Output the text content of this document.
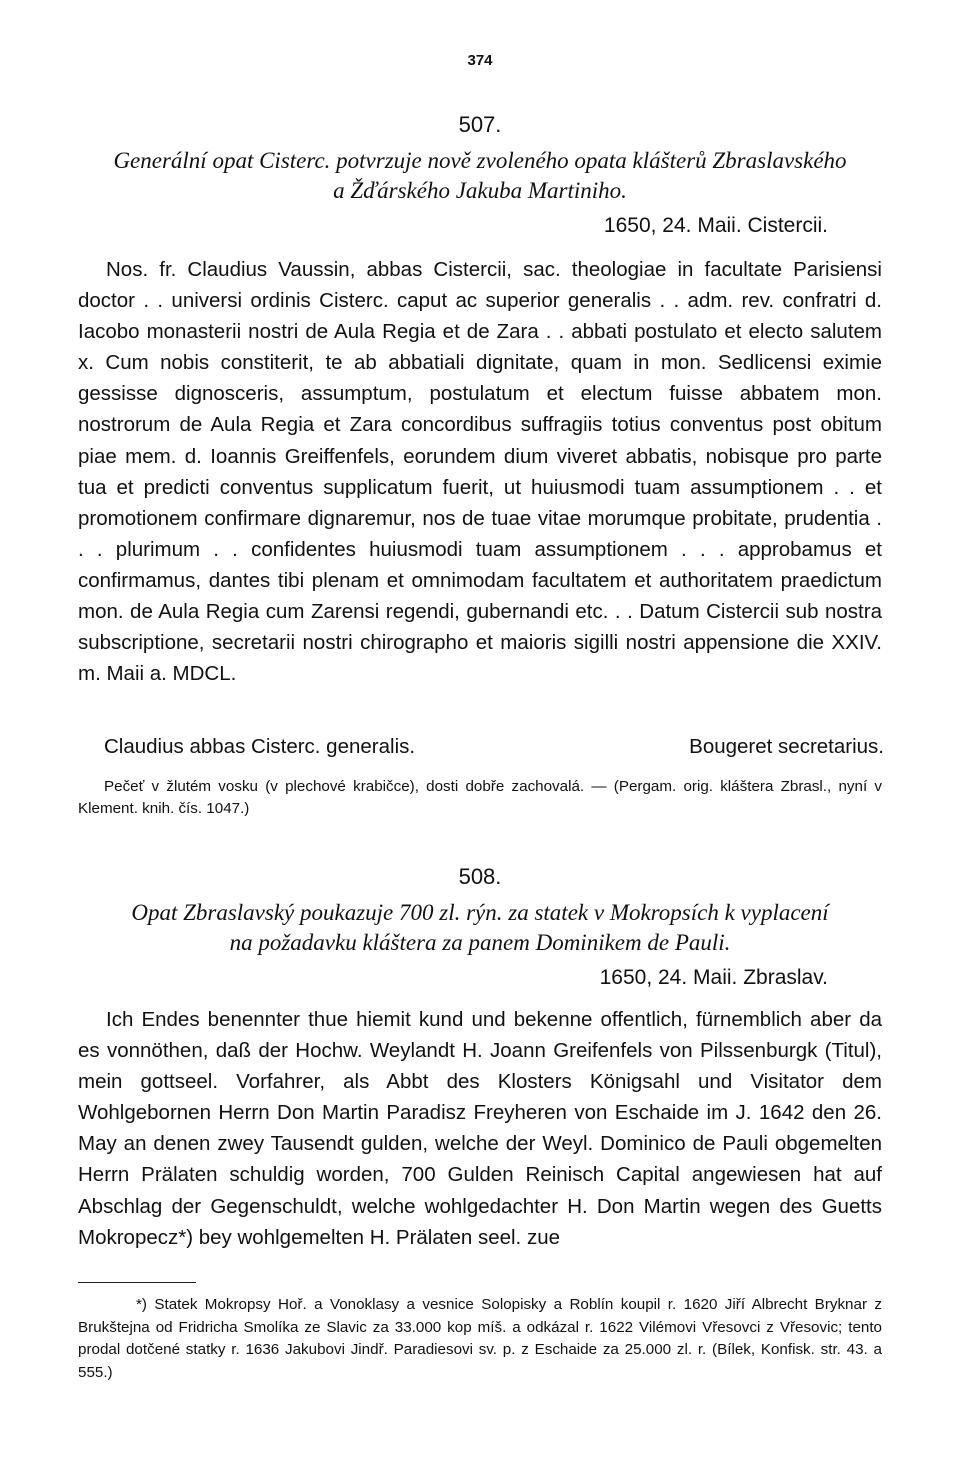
374
507.
Generální opat Cisterc. potvrzuje nově zvoleného opata klášterů Zbraslavského
a Žďárského Jakuba Martiniho.
1650, 24. Maii. Cistercii.

Nos. fr. Claudius Vaussin, abbas Cistercii, sac. theologiae in facultate Parisiensi doctor . . universi ordinis Cisterc. caput ac superior generalis . . adm. rev. confratri d. Iacobo monasterii nostri de Aula Regia et de Zara . . abbati postulato et electo salutem x. Cum nobis constiterit, te ab abbatiali dignitate, quam in mon. Sedlicensi eximie gessisse dignosceris, assumptum, postulatum et electum fuisse abbatem mon. nostrorum de Aula Regia et Zara concordibus suffragiis totius conventus post obitum piae mem. d. Ioannis Greiffenfels, eorundem dium viveret abbatis, nobisque pro parte tua et predicti conventus supplicatum fuerit, ut huiusmodi tuam assumptionem . . et promotionem confirmare dignaremur, nos de tuae vitae morumque probitate, prudentia . . . plurimum . . confidentes huiusmodi tuam assumptionem . . . approbamus et confirmamus, dantes tibi plenam et omnimodam facultatem et authoritatem praedictum mon. de Aula Regia cum Zarensi regendi, gubernandi etc. . . Datum Cistercii sub nostra subscriptione, secretarii nostri chirographo et maioris sigilli nostri appensione die XXIV. m. Maii a. MDCL.

Claudius abbas Cisterc. generalis.	Bougeret secretarius.

Pečeť v žlutém vosku (v plechové krabičce), dosti dobře zachovalá. — (Pergam. orig. kláštera Zbrasl., nyní v Klement. knih. čís. 1047.)

508.
Opat Zbraslavský poukazuje 700 zl. rýn. za statek v Mokropsích k vyplacení
na požadavku kláštera za panem Dominikem de Pauli.
1650, 24. Maii. Zbraslav.

Ich Endes benennter thue hiemit kund und bekenne offentlich, fürnemblich aber da es vonnöthen, daß der Hochw. Weylandt H. Joann Greifenfels von Pilssenburgk (Titul), mein gottseel. Vorfahrer, als Abbt des Klosters Königsahl und Visitator dem Wohlgebornen Herrn Don Martin Paradisz Freyheren von Eschaide im J. 1642 den 26. May an denen zwey Tausendt gulden, welche der Weyl. Dominico de Pauli obgemelten Herrn Prälaten schuldig worden, 700 Gulden Reinisch Capital angewiesen hat auf Abschlag der Gegenschuldt, welche wohlgedachter H. Don Martin wegen des Guetts Mokropecz*) bey wohlgemelten H. Prälaten seel. zue

*) Statek Mokropsy Hoř. a Vonoklasy a vesnice Solopisky a Roblín koupil r. 1620 Jiří Albrecht Bryknar z Brukštejna od Fridricha Smolíka ze Slavic za 33.000 kop míš. a odkázal r. 1622 Vilémovi Vřesovci z Vřesovic; tento prodal dotčené statky r. 1636 Jakubovi Jindř. Paradiesovi sv. p. z Eschaide za 25.000 zl. r. (Bílek, Konfisk. str. 43. a 555.)
